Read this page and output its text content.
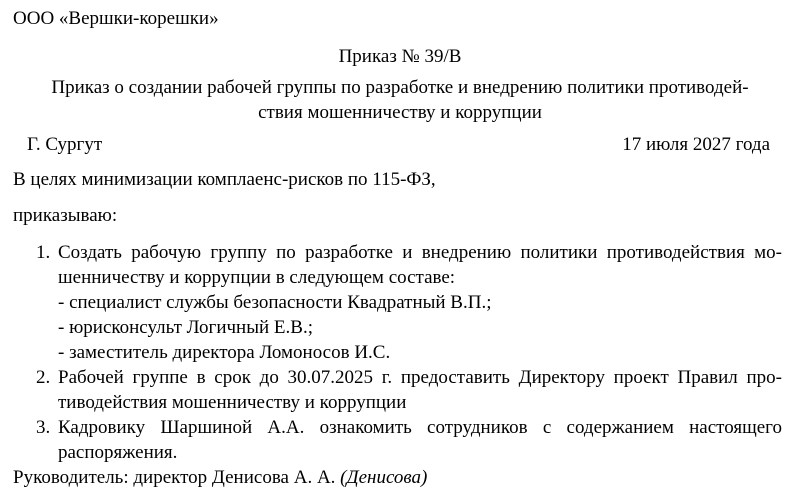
ООО «Вершки-корешки»
Приказ № 39/В
Приказ о создании рабочей группы по разработке и внедрению политики противодей-
ствия мошенничеству и коррупции
Г. Сургут	17 июля 2027 года
В целях минимизации комплаенс-рисков по 115-ФЗ,
приказываю:
1. Создать рабочую группу по разработке и внедрению политики противодействия мо-
шенничеству и коррупции в следующем составе:
- специалист службы безопасности Квадратный В.П.;
- юрисконсульт Логичный Е.В.;
- заместитель директора Ломоносов И.С.
2. Рабочей группе в срок до 30.07.2025 г. предоставить Директору проект Правил про-
тиводействия мошенничеству и коррупции
3. Кадровику Шаршиной А.А. ознакомить сотрудников с содержанием настоящего
распоряжения.
Руководитель: директор Денисова А. А. (Денисова)
